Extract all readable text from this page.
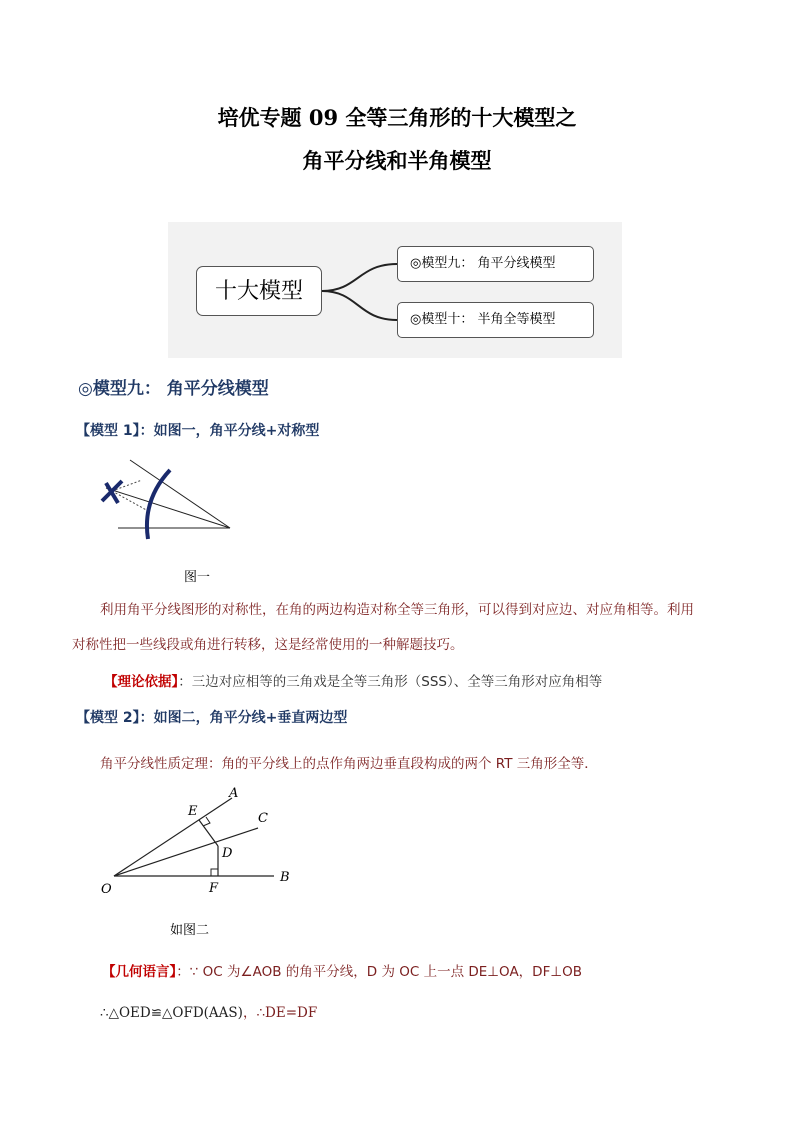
培优专题 09 全等三角形的十大模型之
角平分线和半角模型
十大模型
◎模型九： 角平分线模型
◎模型十： 半角全等模型
◎模型九： 角平分线模型
【模型 1】：如图一，角平分线+对称型
图一
利用角平分线图形的对称性，在角的两边构造对称全等三角形，可以得到对应边、对应角相等。利用
对称性把一些线段或角进行转移，这是经常使用的一种解题技巧。
【理论依据】：三边对应相等的三角戏是全等三角形（SSS）、全等三角形对应角相等
【模型 2】：如图二，角平分线+垂直两边型
角平分线性质定理：角的平分线上的点作角两边垂直段构成的两个 RT 三角形全等．
A
B
C
D
E
F
O
如图二
【几何语言】：∵ OC 为∠AOB 的角平分线，D 为 OC 上一点 DE⊥OA，DF⊥OB
∴△OED≌△OFD(AAS)，∴DE=DF
